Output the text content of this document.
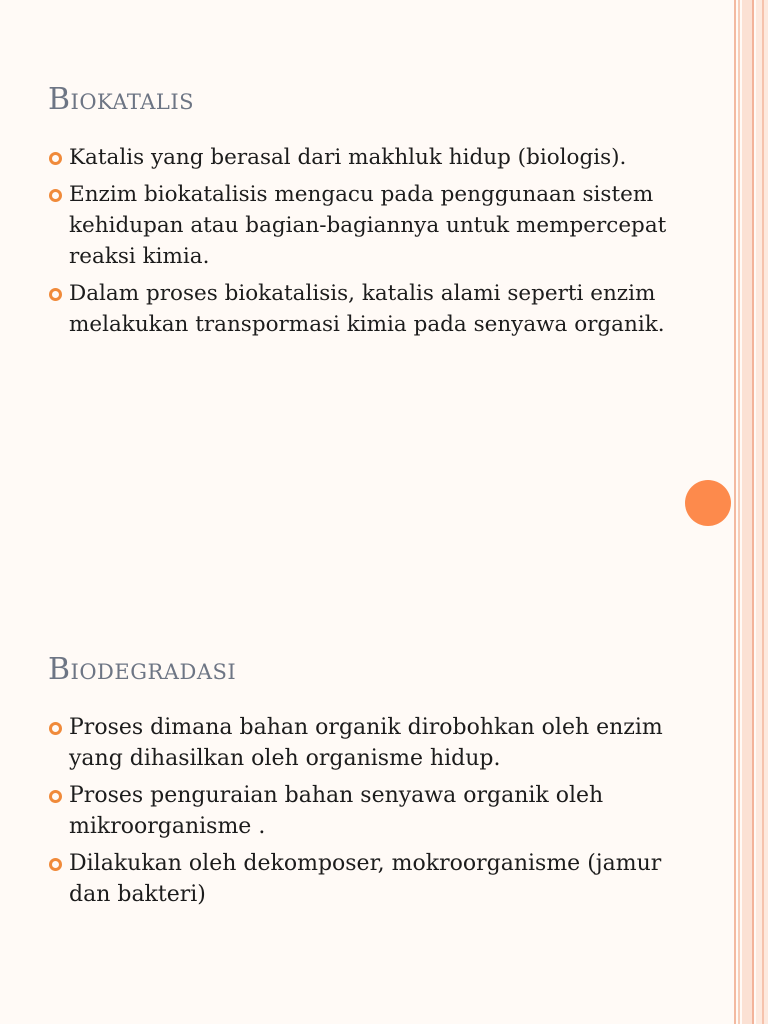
Biokatalis
Katalis yang berasal dari makhluk hidup (biologis).
Enzim biokatalisis mengacu pada penggunaan sistem kehidupan atau bagian-bagiannya untuk mempercepat reaksi kimia.
Dalam proses biokatalisis, katalis alami seperti enzim melakukan transpormasi kimia pada senyawa organik.
Biodegradasi
Proses dimana bahan organik dirobohkan oleh enzim yang dihasilkan oleh organisme hidup.
Proses penguraian bahan senyawa organik oleh mikroorganisme .
Dilakukan oleh dekomposer, mokroorganisme (jamur dan bakteri)
